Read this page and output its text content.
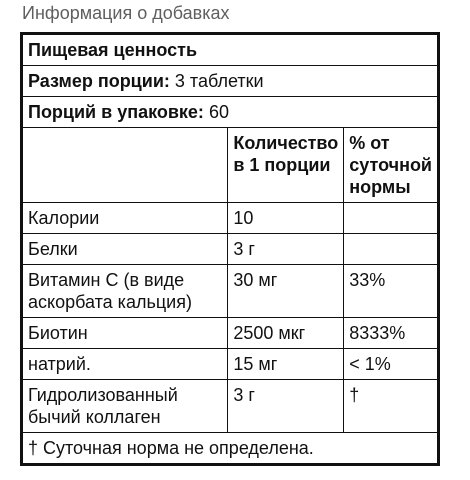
Информация о добавках
Пищевая ценность		
Размер порции: 3 таблетки		
Порций в упаковке: 60		
	Количество в 1 порции	% от суточной нормы
Калории	10	
Белки	3 г	
Витамин C (в виде аскорбата кальция)	30 мг	33%
Биотин	2500 мкг	8333%
натрий.	15 мг	< 1%
Гидролизованный бычий коллаген	3 г	†
† Суточная норма не определена.		
